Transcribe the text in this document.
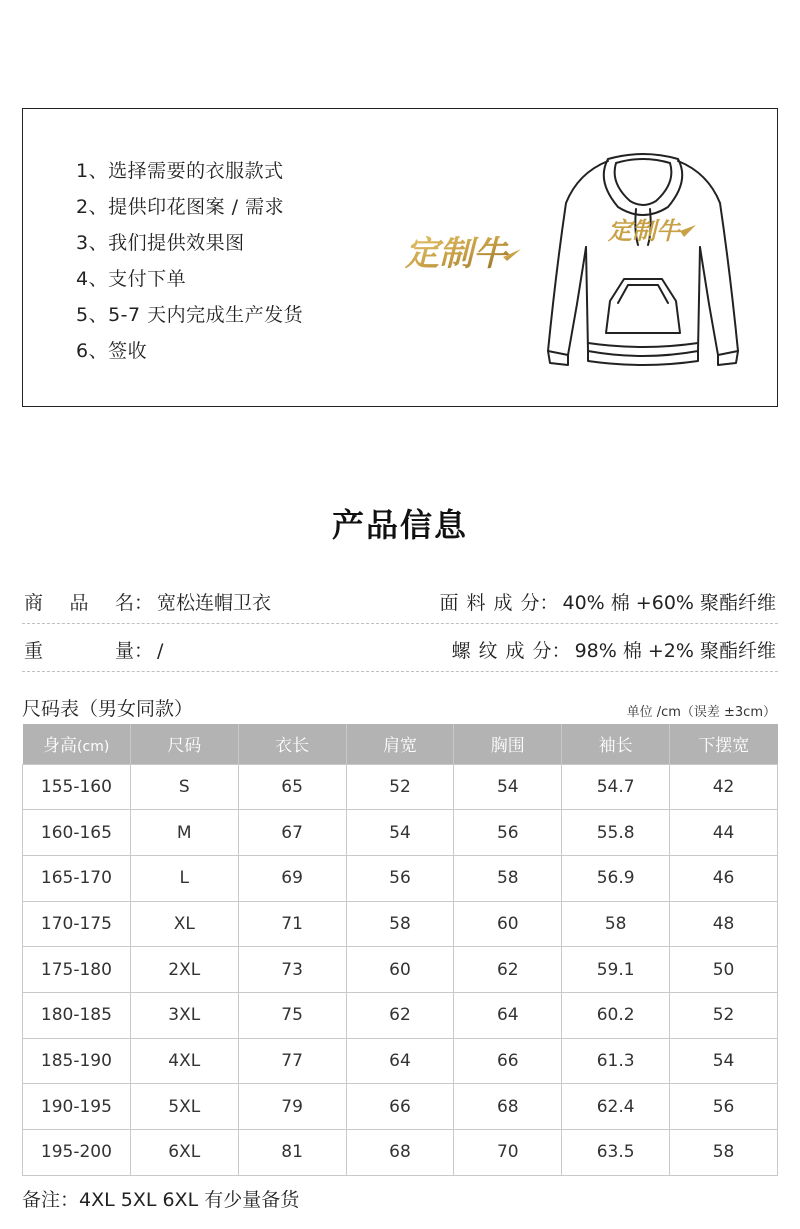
1、选择需要的衣服款式
2、提供印花图案 / 需求
3、我们提供效果图
4、支付下单
5、5-7 天内完成生产发货
6、签收
定制牛
定制牛
产品信息
商品名： 宽松连帽卫衣	面料成分： 40% 棉 +60% 聚酯纤维
重量： /	螺纹成分： 98% 棉 +2% 聚酯纤维
尺码表（男女同款）	单位 /cm（误差 ±3cm）
身高(cm)	尺码	衣长	肩宽	胸围	袖长	下摆宽
155-160	S	65	52	54	54.7	42
160-165	M	67	54	56	55.8	44
165-170	L	69	56	58	56.9	46
170-175	XL	71	58	60	58	48
175-180	2XL	73	60	62	59.1	50
180-185	3XL	75	62	64	60.2	52
185-190	4XL	77	64	66	61.3	54
190-195	5XL	79	66	68	62.4	56
195-200	6XL	81	68	70	63.5	58
备注：4XL 5XL 6XL 有少量备货
